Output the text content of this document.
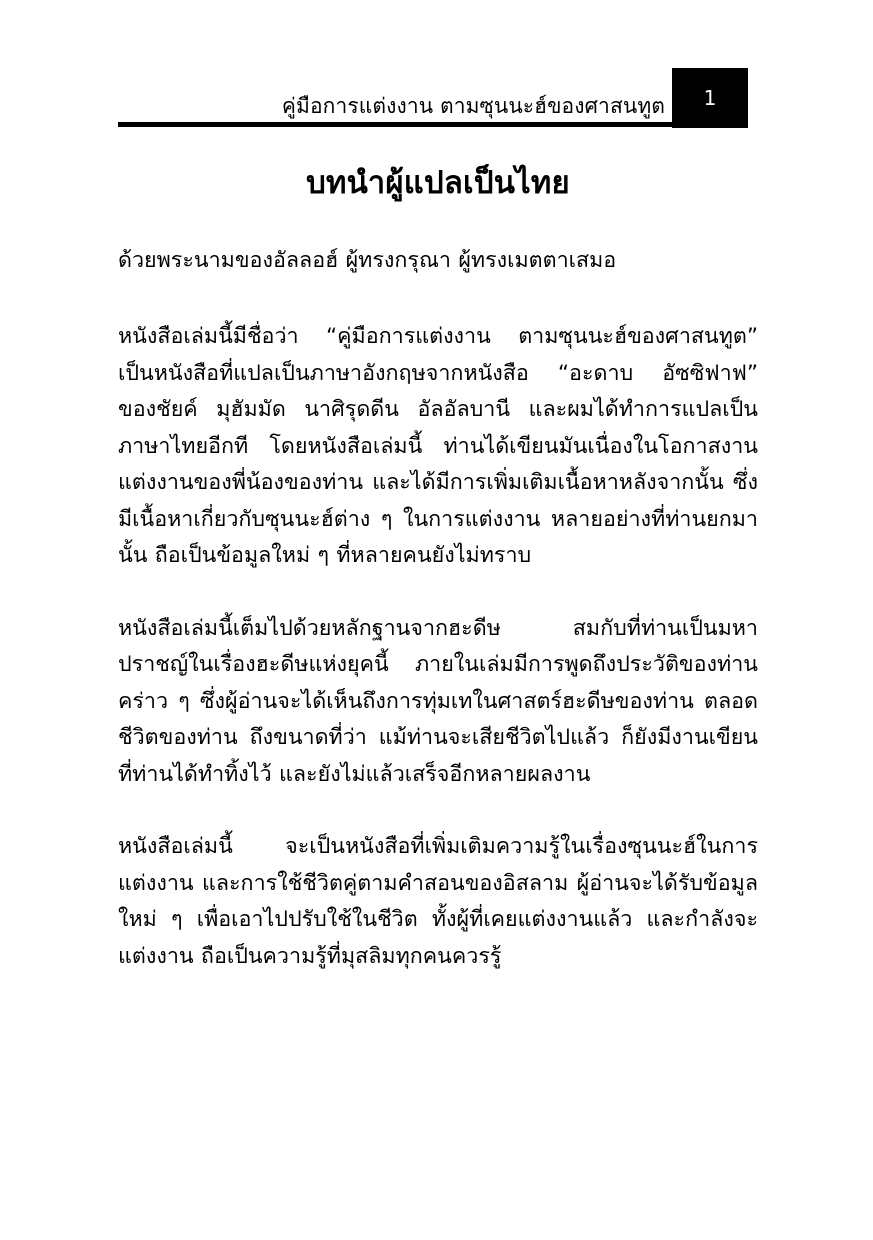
คู่มือการแต่งงาน ตามซุนนะฮ์ของศาสนทูต 1
บทนำผู้แปลเป็นไทย

ด้วยพระนามของอัลลอฮ์ ผู้ทรงกรุณา ผู้ทรงเมตตาเสมอ

หนังสือเล่มนี้มีชื่อว่า “คู่มือการแต่งงาน ตามซุนนะฮ์ของศาสนทูต” เป็นหนังสือที่แปลเป็นภาษาอังกฤษจากหนังสือ “อะดาบ อัซซิฟาฟ” ของชัยค์ มุฮัมมัด นาศิรุดดีน อัลอัลบานี และผมได้ทำการแปลเป็นภาษาไทยอีกที โดยหนังสือเล่มนี้ ท่านได้เขียนมันเนื่องในโอกาสงานแต่งงานของพี่น้องของท่าน และได้มีการเพิ่มเติมเนื้อหาหลังจากนั้น ซึ่งมีเนื้อหาเกี่ยวกับซุนนะฮ์ต่าง ๆ ในการแต่งงาน หลายอย่างที่ท่านยกมานั้น ถือเป็นข้อมูลใหม่ ๆ ที่หลายคนยังไม่ทราบ

หนังสือเล่มนี้เต็มไปด้วยหลักฐานจากฮะดีษ สมกับที่ท่านเป็นมหาปราชญ์ในเรื่องฮะดีษแห่งยุคนี้ ภายในเล่มมีการพูดถึงประวัติของท่านคร่าว ๆ ซึ่งผู้อ่านจะได้เห็นถึงการทุ่มเทในศาสตร์ฮะดีษของท่าน ตลอดชีวิตของท่าน ถึงขนาดที่ว่า แม้ท่านจะเสียชีวิตไปแล้ว ก็ยังมีงานเขียนที่ท่านได้ทำทิ้งไว้ และยังไม่แล้วเสร็จอีกหลายผลงาน

หนังสือเล่มนี้ จะเป็นหนังสือที่เพิ่มเติมความรู้ในเรื่องซุนนะฮ์ในการแต่งงาน และการใช้ชีวิตคู่ตามคำสอนของอิสลาม ผู้อ่านจะได้รับข้อมูลใหม่ ๆ เพื่อเอาไปปรับใช้ในชีวิต ทั้งผู้ที่เคยแต่งงานแล้ว และกำลังจะแต่งงาน ถือเป็นความรู้ที่มุสลิมทุกคนควรรู้
